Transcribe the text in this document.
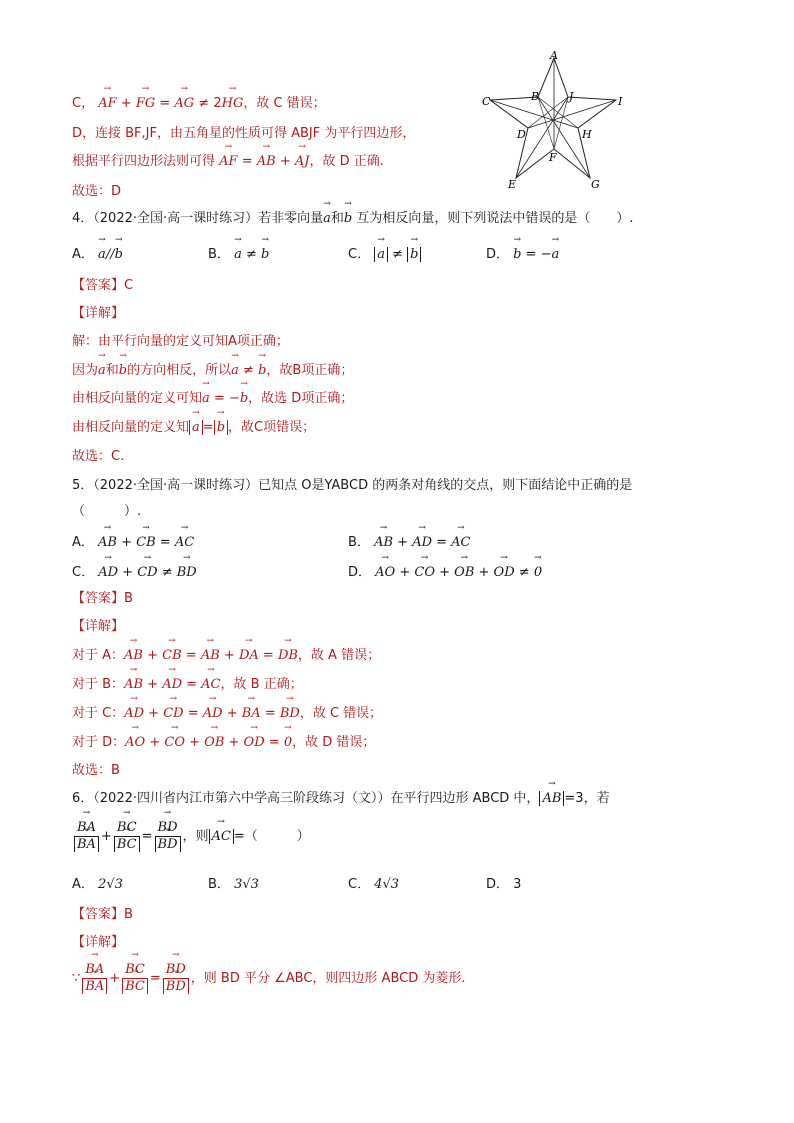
C， → AF + → FG = → AG ≠ 2→ HG，故 C 错误；
D，连接 BF,JF，由五角星的性质可得 ABJF 为平行四边形，
根据平行四边形法则可得 → AF = → AB + → AJ，故 D 正确.
故选：D
A
B	J
C	I
D	H
F
E	G
4．（2022·全国·高一课时练习）若非零向量→ a和→ b 互为相反向量，则下列说法中错误的是（　　）.
A． → a//→ b	B． → a ≠ → b	C． → a ≠ → b	D． → b = −→ a
【答案】C
【详解】
解：由平行向量的定义可知A项正确；
因为→ a和→ b的方向相反，所以→ a ≠ → b，故B项正确；
由相反向量的定义可知→ a = −→ b，故选 D项正确；
由相反向量的定义知 → a = → b ，故C项错误；
故选：C.
5．（2022·全国·高一课时练习）已知点 O是YABCD 的两条对角线的交点，则下面结论中正确的是
（　　　）.
A． → AB + → CB = → AC	B． → AB + → AD = → AC
C． → AD + → CD ≠ → BD	D． → AO + → CO + → OB + → OD ≠ → 0
【答案】B
【详解】
对于 A：→ AB + → CB = → AB + → DA = → DB，故 A 错误；
对于 B：→ AB + → AD = → AC，故 B 正确；
对于 C：→ AD + → CD = → AD + → BA = → BD，故 C 错误；
对于 D：→ AO + → CO + → OB + → OD = → 0，故 D 错误；
故选：B
6．（2022·四川省内江市第六中学高三阶段练习（文））在平行四边形 ABCD 中， → AB =3，若
→ BA
→ BA + → BC
→ BC = → BD
→ BD ，则 → AC =（　　　）
A． 2√3	B． 3√3	C． 4√3	D． 3
【答案】B
【详解】
∵ → BA
→ BA + → BC
→ BC = → BD
→ BD ，则 BD 平分 ∠ABC，则四边形 ABCD 为菱形.
